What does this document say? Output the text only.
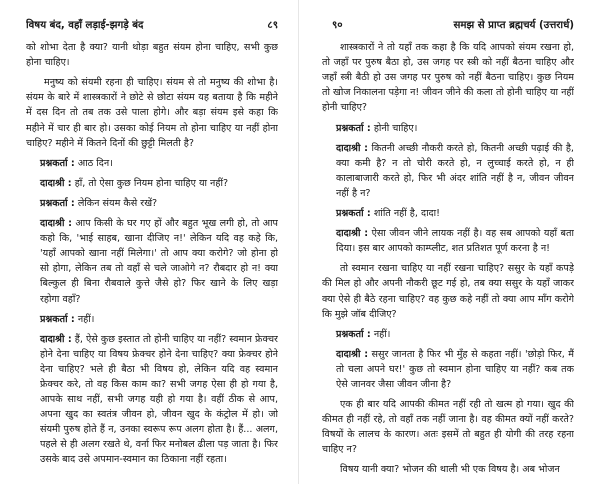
विषय बंद, वहाँ लड़ाई-झगड़े बंद	८९

को शोभा देता है क्या? यानी थोड़ा बहुत संयम होना चाहिए, सभी कुछ होना चाहिए।

मनुष्य को संयमी रहना ही चाहिए। संयम से तो मनुष्य की शोभा है। संयम के बारे में शास्त्रकारों ने छोटे से छोटा संयम यह बताया है कि महीने में दस दिन तो तब तक उसे पाला होगे। और बड़ा संयम इसे कहा कि महीने में चार ही बार हो। उसका कोई नियम तो होना चाहिए या नहीं होना चाहिए? महीने में कितने दिनों की छुट्टी मिलती है?

प्रश्नकर्ता : आठ दिन।

दादाश्री : हाँ, तो ऐसा कुछ नियम होना चाहिए या नहीं?

प्रश्नकर्ता : लेकिन संयम कैसे रखें?

दादाश्री : आप किसी के घर गए हों और बहुत भूख लगी हो, तो आप कहो कि, 'भाई साहब, खाना दीजिए न!' लेकिन यदि वह कहे कि, 'यहाँ आपको खाना नहीं मिलेगा।' तो आप क्या करोगे? जो होना हो सो होगा, लेकिन तब तो वहाँ से चले जाओगे न? रौबदार हो न! क्या बिल्कुल ही बिना रौबवाले कुत्ते जैसे हो? फिर खाने के लिए खड़ा रहोगा वहाँ?

प्रश्नकर्ता : नहीं।

दादाश्री : हैं, ऐसे कुछ इस्तात तो होनी चाहिए या नहीं? स्वमान फ्रेक्चर होने देना चाहिए या विषय फ्रेक्चर होने देना चाहिए? क्या फ्रेक्चर होने देना चाहिए? भले ही बैठा भी विषय हो, लेकिन यदि वह स्वमान फ्रेक्चर करे, तो वह किस काम का? सभी जगह ऐसा ही हो गया है, आपके साथ नहीं, सभी जगह यही हो गया है। वहीं ठीक से आप, अपना खुद का स्वतंत्र जीवन हो, जीवन खुद के कंट्रोल में हो। जो संयमी पुरुष होते हैं न, उनका स्वरूप रूप अलग होता है। हैं... अलग, पहले से ही अलग रखते थे, वर्ना फिर मनोबल ढीला पड़ जाता है। फिर उसके बाद उसे अपमान-स्वमान का ठिकाना नहीं रहता।

९०	समझ से प्राप्त ब्रह्मचर्य (उत्तरार्ध)

शास्त्रकारों ने तो यहाँ तक कहा है कि यदि आपको संयम रखना हो, तो जहाँ पर पुरुष बैठा हो, उस जगह पर स्त्री को नहीं बैठना चाहिए और जहाँ स्त्री बैठी हो उस जगह पर पुरुष को नहीं बैठना चाहिए। कुछ नियम तो खोज निकालना पड़ेगा न! जीवन जीने की कला तो होनी चाहिए या नहीं होनी चाहिए?

प्रश्नकर्ता : होनी चाहिए।

दादाश्री : कितनी अच्छी नौकरी करते हो, कितनी अच्छी पढ़ाई की है, क्या कमी है? न तो चोरी करते हो, न लुच्चाई करते हो, न ही कालाबाजारी करते हो, फिर भी अंदर शांति नहीं है न, जीवन जीवन नहीं है न?

प्रश्नकर्ता : शांति नहीं है, दादा!

दादाश्री : ऐसा जीवन जीने लायक नहीं है। वह सब आपको यहाँ बता दिया। इस बार आपको काम्प्लीट, शत प्रतिशत पूर्ण करना है न!

तो स्वमान रखना चाहिए या नहीं रखना चाहिए? ससुर के यहाँ कपड़े की मिल हो और अपनी नौकरी छूट गई हो, तब क्या ससुर के यहाँ जाकर क्या ऐसे ही बैठे रहना चाहिए? वह कुछ कहे नहीं तो क्या आप माँग करोगे कि मुझे जॉब दीजिए?

प्रश्नकर्ता : नहीं।

दादाश्री : ससुर जानता है फिर भी मुँह से कहता नहीं। 'छोड़ो फिर, मैं तो चला अपने घर!' कुछ तो स्वमान होना चाहिए या नहीं? कब तक ऐसे जानवर जैसा जीवन जीना है?

एक ही बार यदि आपकी कीमत नहीं रही तो खत्म हो गया। खुद की कीमत ही नहीं रहे, तो वहाँ तक नहीं जाना है। वह कीमत क्यों नहीं करते? विषयों के लालच के कारण। अतः इसमें तो बहुत ही योगी की तरह रहना चाहिए न?

विषय यानी क्या? भोजन की थाली भी एक विषय है। अब भोजन
